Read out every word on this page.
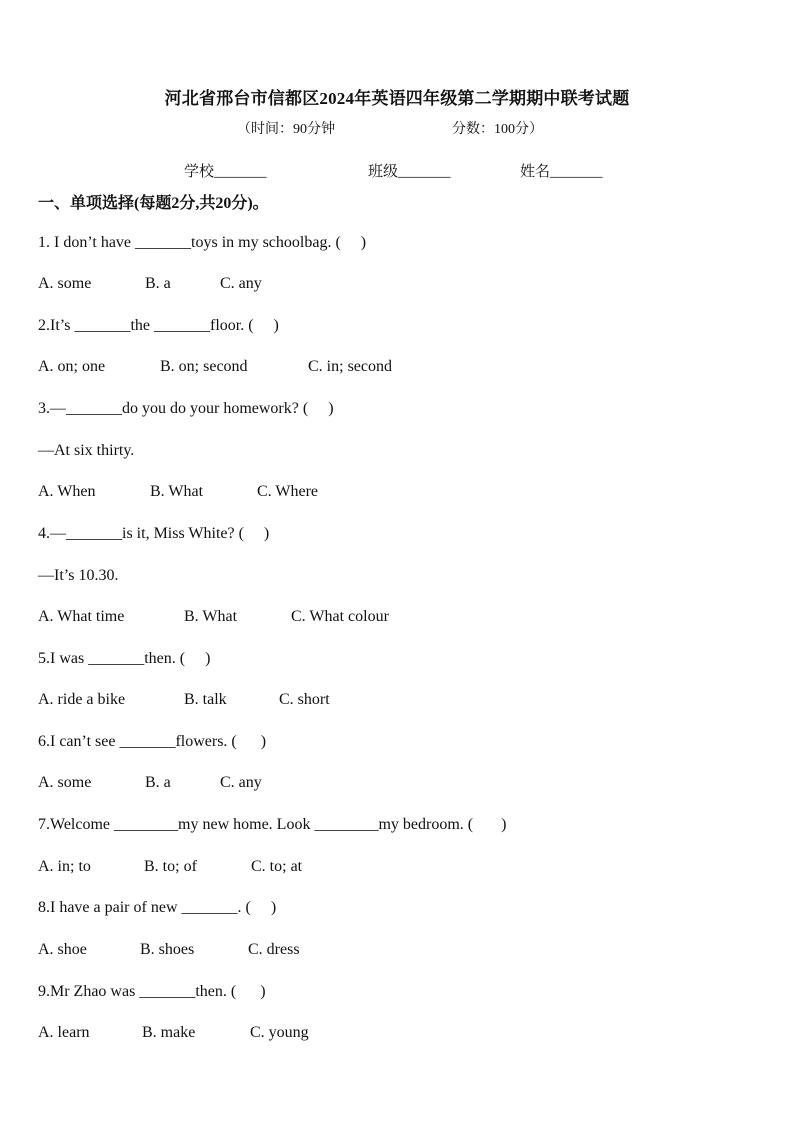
河北省邢台市信都区2024年英语四年级第二学期期中联考试题
（时间：90分钟	分数：100分）
学校_______	班级_______	姓名_______
一、单项选择(每题2分,共20分)。
1. I don’t have _______toys in my schoolbag. (     )
A. some	B. a	C. any
2.It’s _______the _______floor. (     )
A. on; one	B. on; second	C. in; second
3.—_______do you do your homework? (     )
—At six thirty.
A. When	B. What	C. Where
4.—_______is it, Miss White? (     )
—It’s 10.30.
A. What time	B. What	C. What colour
5.I was _______then. (     )
A. ride a bike	B. talk	C. short
6.I can’t see _______flowers. (      )
A. some	B. a	C. any
7.Welcome ________my new home. Look ________my bedroom. (       )
A. in; to	B. to; of	C. to; at
8.I have a pair of new _______. (     )
A. shoe	B. shoes	C. dress
9.Mr Zhao was _______then. (      )
A. learn	B. make	C. young
